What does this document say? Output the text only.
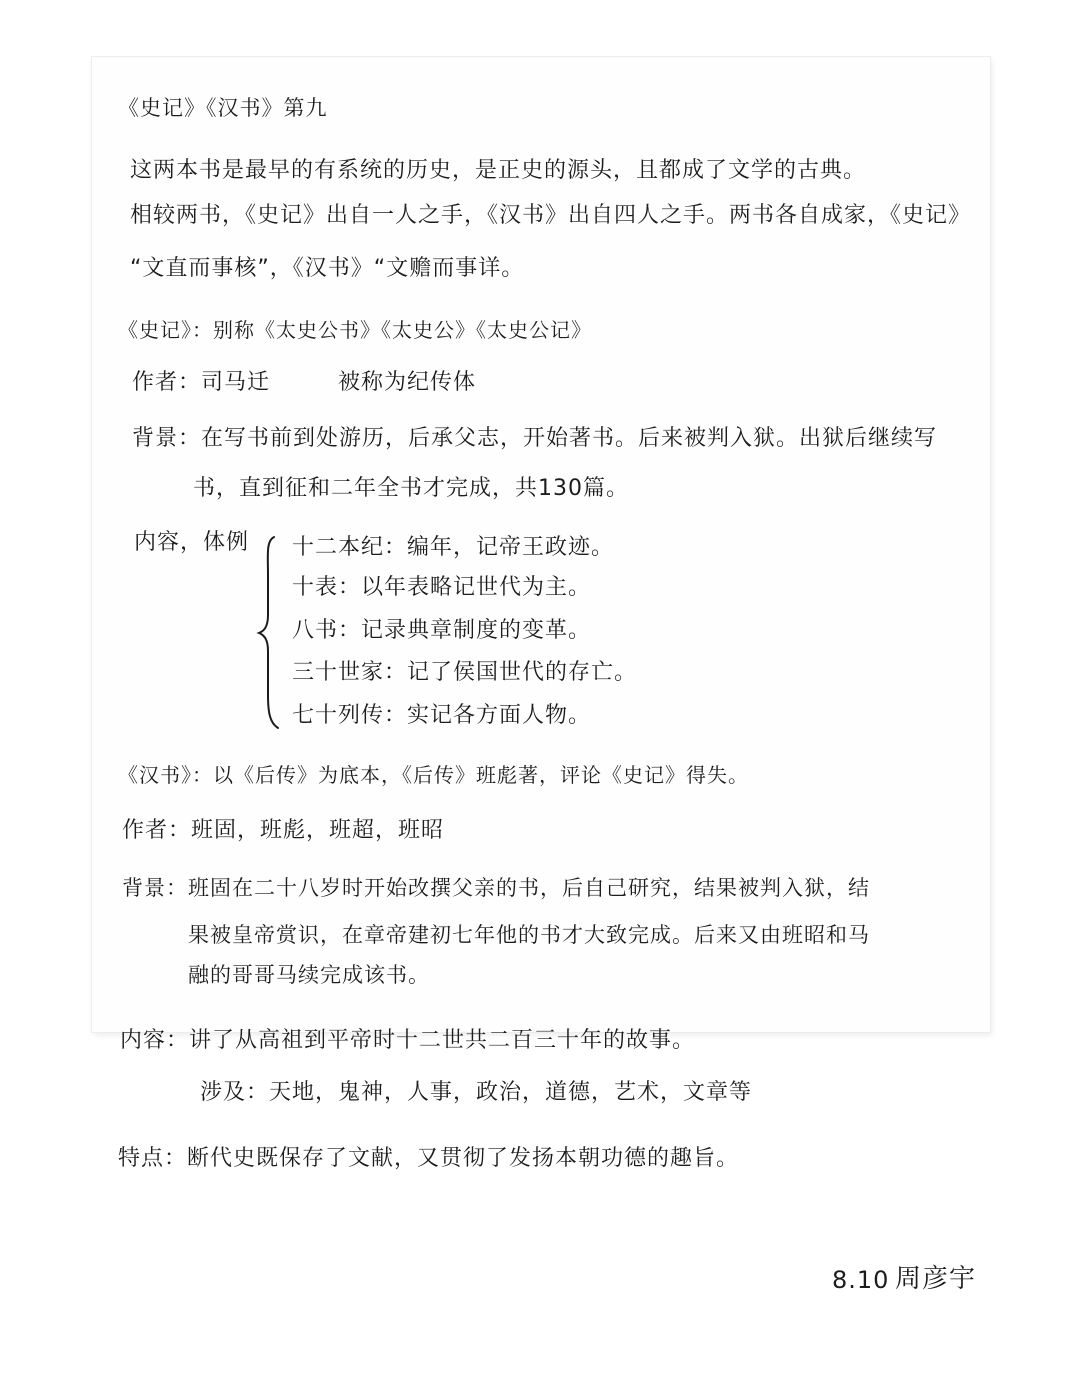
《史记》《汉书》第九
这两本书是最早的有系统的历史，是正史的源头，且都成了文学的古典。
相较两书，《史记》出自一人之手，《汉书》出自四人之手。两书各自成家，《史记》
“文直而事核”，《汉书》“文赡而事详。
《史记》：别称《太史公书》《太史公》《太史公记》
作者：司马迁	被称为纪传体
背景：在写书前到处游历，后承父志，开始著书。后来被判入狱。出狱后继续写
书，直到征和二年全书才完成，共130篇。
内容，体例 十二本纪：编年，记帝王政迹。
十表：以年表略记世代为主。
八书：记录典章制度的变革。
三十世家：记了侯国世代的存亡。
七十列传：实记各方面人物。
《汉书》：以《后传》为底本，《后传》班彪著，评论《史记》得失。
作者：班固，班彪，班超，班昭
背景：班固在二十八岁时开始改撰父亲的书，后自己研究，结果被判入狱，结
果被皇帝赏识，在章帝建初七年他的书才大致完成。后来又由班昭和马
融的哥哥马续完成该书。
内容：讲了从高祖到平帝时十二世共二百三十年的故事。
涉及：天地，鬼神，人事，政治，道德，艺术，文章等
特点：断代史既保存了文献，又贯彻了发扬本朝功德的趣旨。
8.10 周彦宇
